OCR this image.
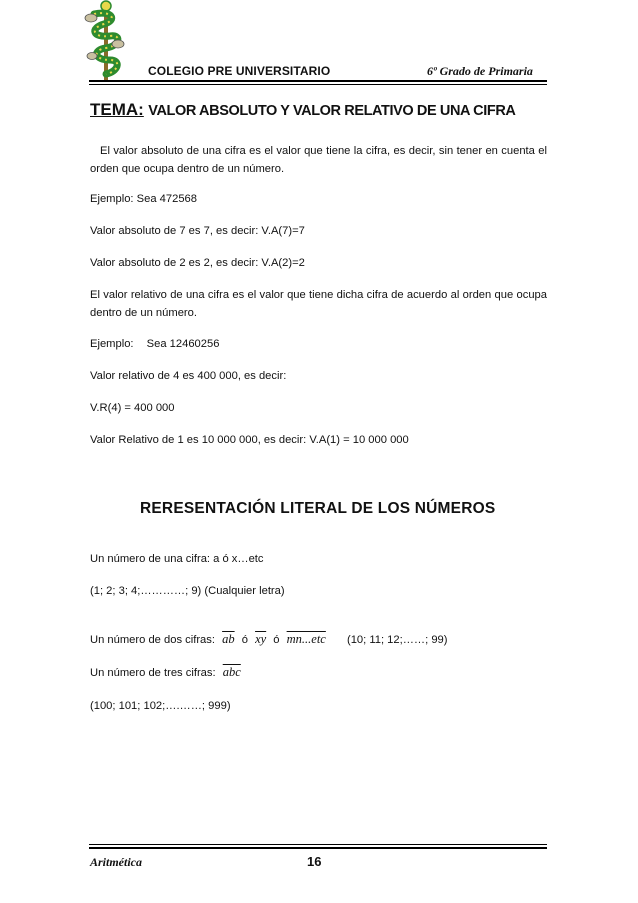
COLEGIO PRE UNIVERSITARIO	6º Grado de Primaria
TEMA: VALOR ABSOLUTO Y VALOR RELATIVO DE UNA CIFRA
El valor absoluto de una cifra es el valor que tiene la cifra, es decir, sin tener en cuenta el orden que ocupa dentro de un número.
Ejemplo: Sea 472568
Valor absoluto de 7 es 7, es decir: V.A(7)=7
Valor absoluto de 2 es 2, es decir: V.A(2)=2
El valor relativo de una cifra es el valor que tiene dicha cifra de acuerdo al orden que ocupa dentro de un número.
Ejemplo: Sea 12460256
Valor relativo de 4 es 400 000, es decir:
V.R(4) = 400 000
Valor Relativo de 1 es 10 000 000, es decir: V.A(1) = 10 000 000
RERESENTACIÓN LITERAL DE LOS NÚMEROS
Un número de una cifra: a ó x…etc
(1; 2; 3; 4;…………; 9) (Cualquier letra)
Un número de dos cifras: $\overline{ab}$ ó $\overline{xy}$ ó mn...etc (10; 11; 12;……; 99)
Un número de tres cifras: $\overline{abc}$
(100; 101; 102;….……; 999)
Aritmética	16
